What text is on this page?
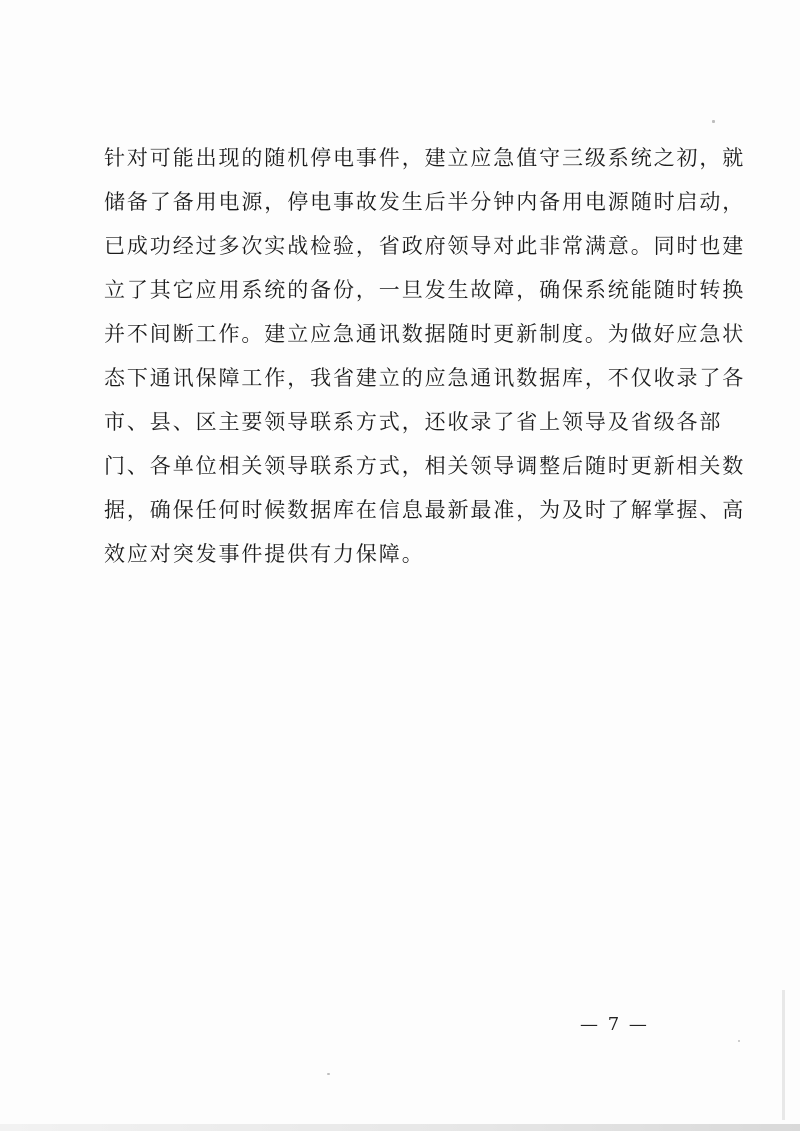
针对可能出现的随机停电事件，建立应急值守三级系统之初，就
储备了备用电源，停电事故发生后半分钟内备用电源随时启动，
已成功经过多次实战检验，省政府领导对此非常满意。同时也建
立了其它应用系统的备份，一旦发生故障，确保系统能随时转换
并不间断工作。建立应急通讯数据随时更新制度。为做好应急状
态下通讯保障工作，我省建立的应急通讯数据库，不仅收录了各
市、县、区主要领导联系方式，还收录了省上领导及省级各部
门、各单位相关领导联系方式，相关领导调整后随时更新相关数
据，确保任何时候数据库在信息最新最准，为及时了解掌握、高
效应对突发事件提供有力保障。
— 7 —
